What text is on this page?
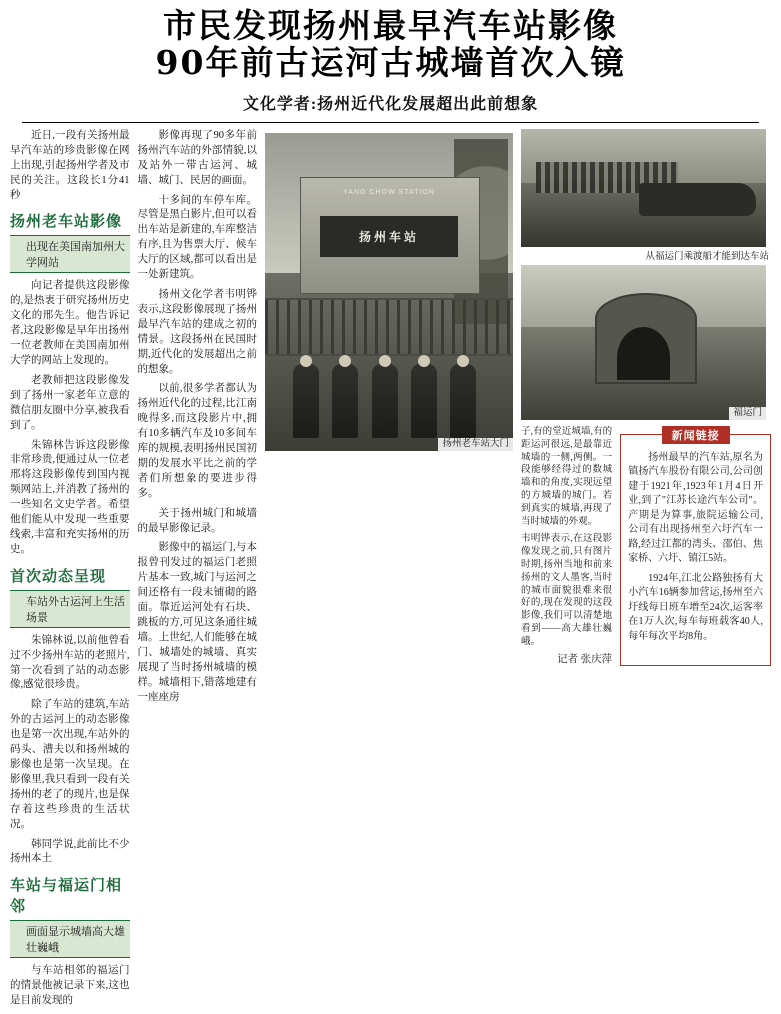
市民发现扬州最早汽车站影像
90年前古运河古城墙首次入镜
文化学者:扬州近代化发展超出此前想象

近日,一段有关扬州最早汽车站的珍贵影像在网上出现,引起扬州学者及市民的关注。这段长1分41秒

扬州老车站影像
出现在美国南加州大学网站

向记者提供这段影像的,是热衷于研究扬州历史文化的邢先生。他告诉记者,这段影像是早年出扬州一位老教师在美国南加州大学的网站上发现的。

老教师把这段影像发到了扬州一家老年立意的微信朋友圈中分享,被我看到了。

朱锦林告诉这段影像非常珍贵,便通过从一位老邢将这段影像传到国内视频网站上,并消教了扬州的一些知名文史学者。希望他们能从中发现一些重要线索,丰富和充实扬州的历史。

首次动态呈现
车站外古运河上生活场景

朱锦林说,以前他曾看过不少扬州车站的老照片,第一次看到了站的动态影像,感觉很珍贵。

除了车站的建筑,车站外的古运河上的动态影像也是第一次出现,车站外的码头、漕夫以和扬州城的影像也是第一次呈现。在影像里,我只看到一段有关扬州的老了的现片,也是保存着这些珍贵的生活状况。

韩同学说,此前比不少扬州本土

车站与福运门相邻
画面显示城墙高大雄壮巍峨

与车站相邻的福运门的情景他被记录下来,这也是目前发现的

影像再现了90多年前扬州汽车站的外部情貌,以及站外一带古运河、城墙、城门、民居的画面。

十多间的车停车库。尽管是黑白影片,但可以看出车站是新建的,车库整洁有序,且为售票大厅、候车大厅的区域,都可以看出是一处新建筑。

扬州文化学者韦明铧表示,这段影像展现了扬州最早汽车站的建成之初的情景。这段扬州在民国时期,近代化的发展超出之前的想象。

以前,很多学者都认为扬州近代化的过程,比江南晚得多,而这段影片中,拥有10多辆汽车及10多间车库的规模,表明扬州民国初期的发展水平比之前的学者们所想象的要进步得多。

关于扬州城门和城墙的最早影像记录。

影像中的福运门,与本报曾刊发过的福运门老照片基本一致,城门与运河之间还格有一段未铺砌的路面。靠近运河处有石块、跳板的方,可见这条通往城墙。上世纪,人们能够在城门、城墙处的城墙、真实展现了当时扬州城墙的模样。城墙相下,错落地建有一座座房

YANG CHOW STATION
扬州车站
扬州老车站大门
从福运门乘渡船才能到达车站
福运门

子,有的堂近城墙,有的距运河很远,是最靠近城墙的一侧,两侧。一段能够经得过的数城墙和的角度,实现远望的方城墙的城门。若到真实的城墙,再现了当时城墙的外观。

韦明铧表示,在这段影像发现之前,只有图片时期,扬州当地和前来扬州的文人墨客,当时的城市面貌很难来很好的,现在发现的这段影像,我们可以清楚地看到——高大雄壮巍峨。

记者 张庆萍
新闻链接

扬州最早的汽车站,原名为镇扬汽车股份有限公司,公司创建于1921年,1923年1月4日开业,到了"江苏长途汽车公司"。产期是为算事,旅院运输公司,公司有出现扬州至六圩汽车一路,经过江都的湾头、邵伯、焦家桥、六圩、镇江5站。

1924年,江北公路独扬有大小汽车16辆参加营运,扬州至六圩线每日班车增至24次,运客率在1万人次,每车每班载客40人,每年每次平均8角。
